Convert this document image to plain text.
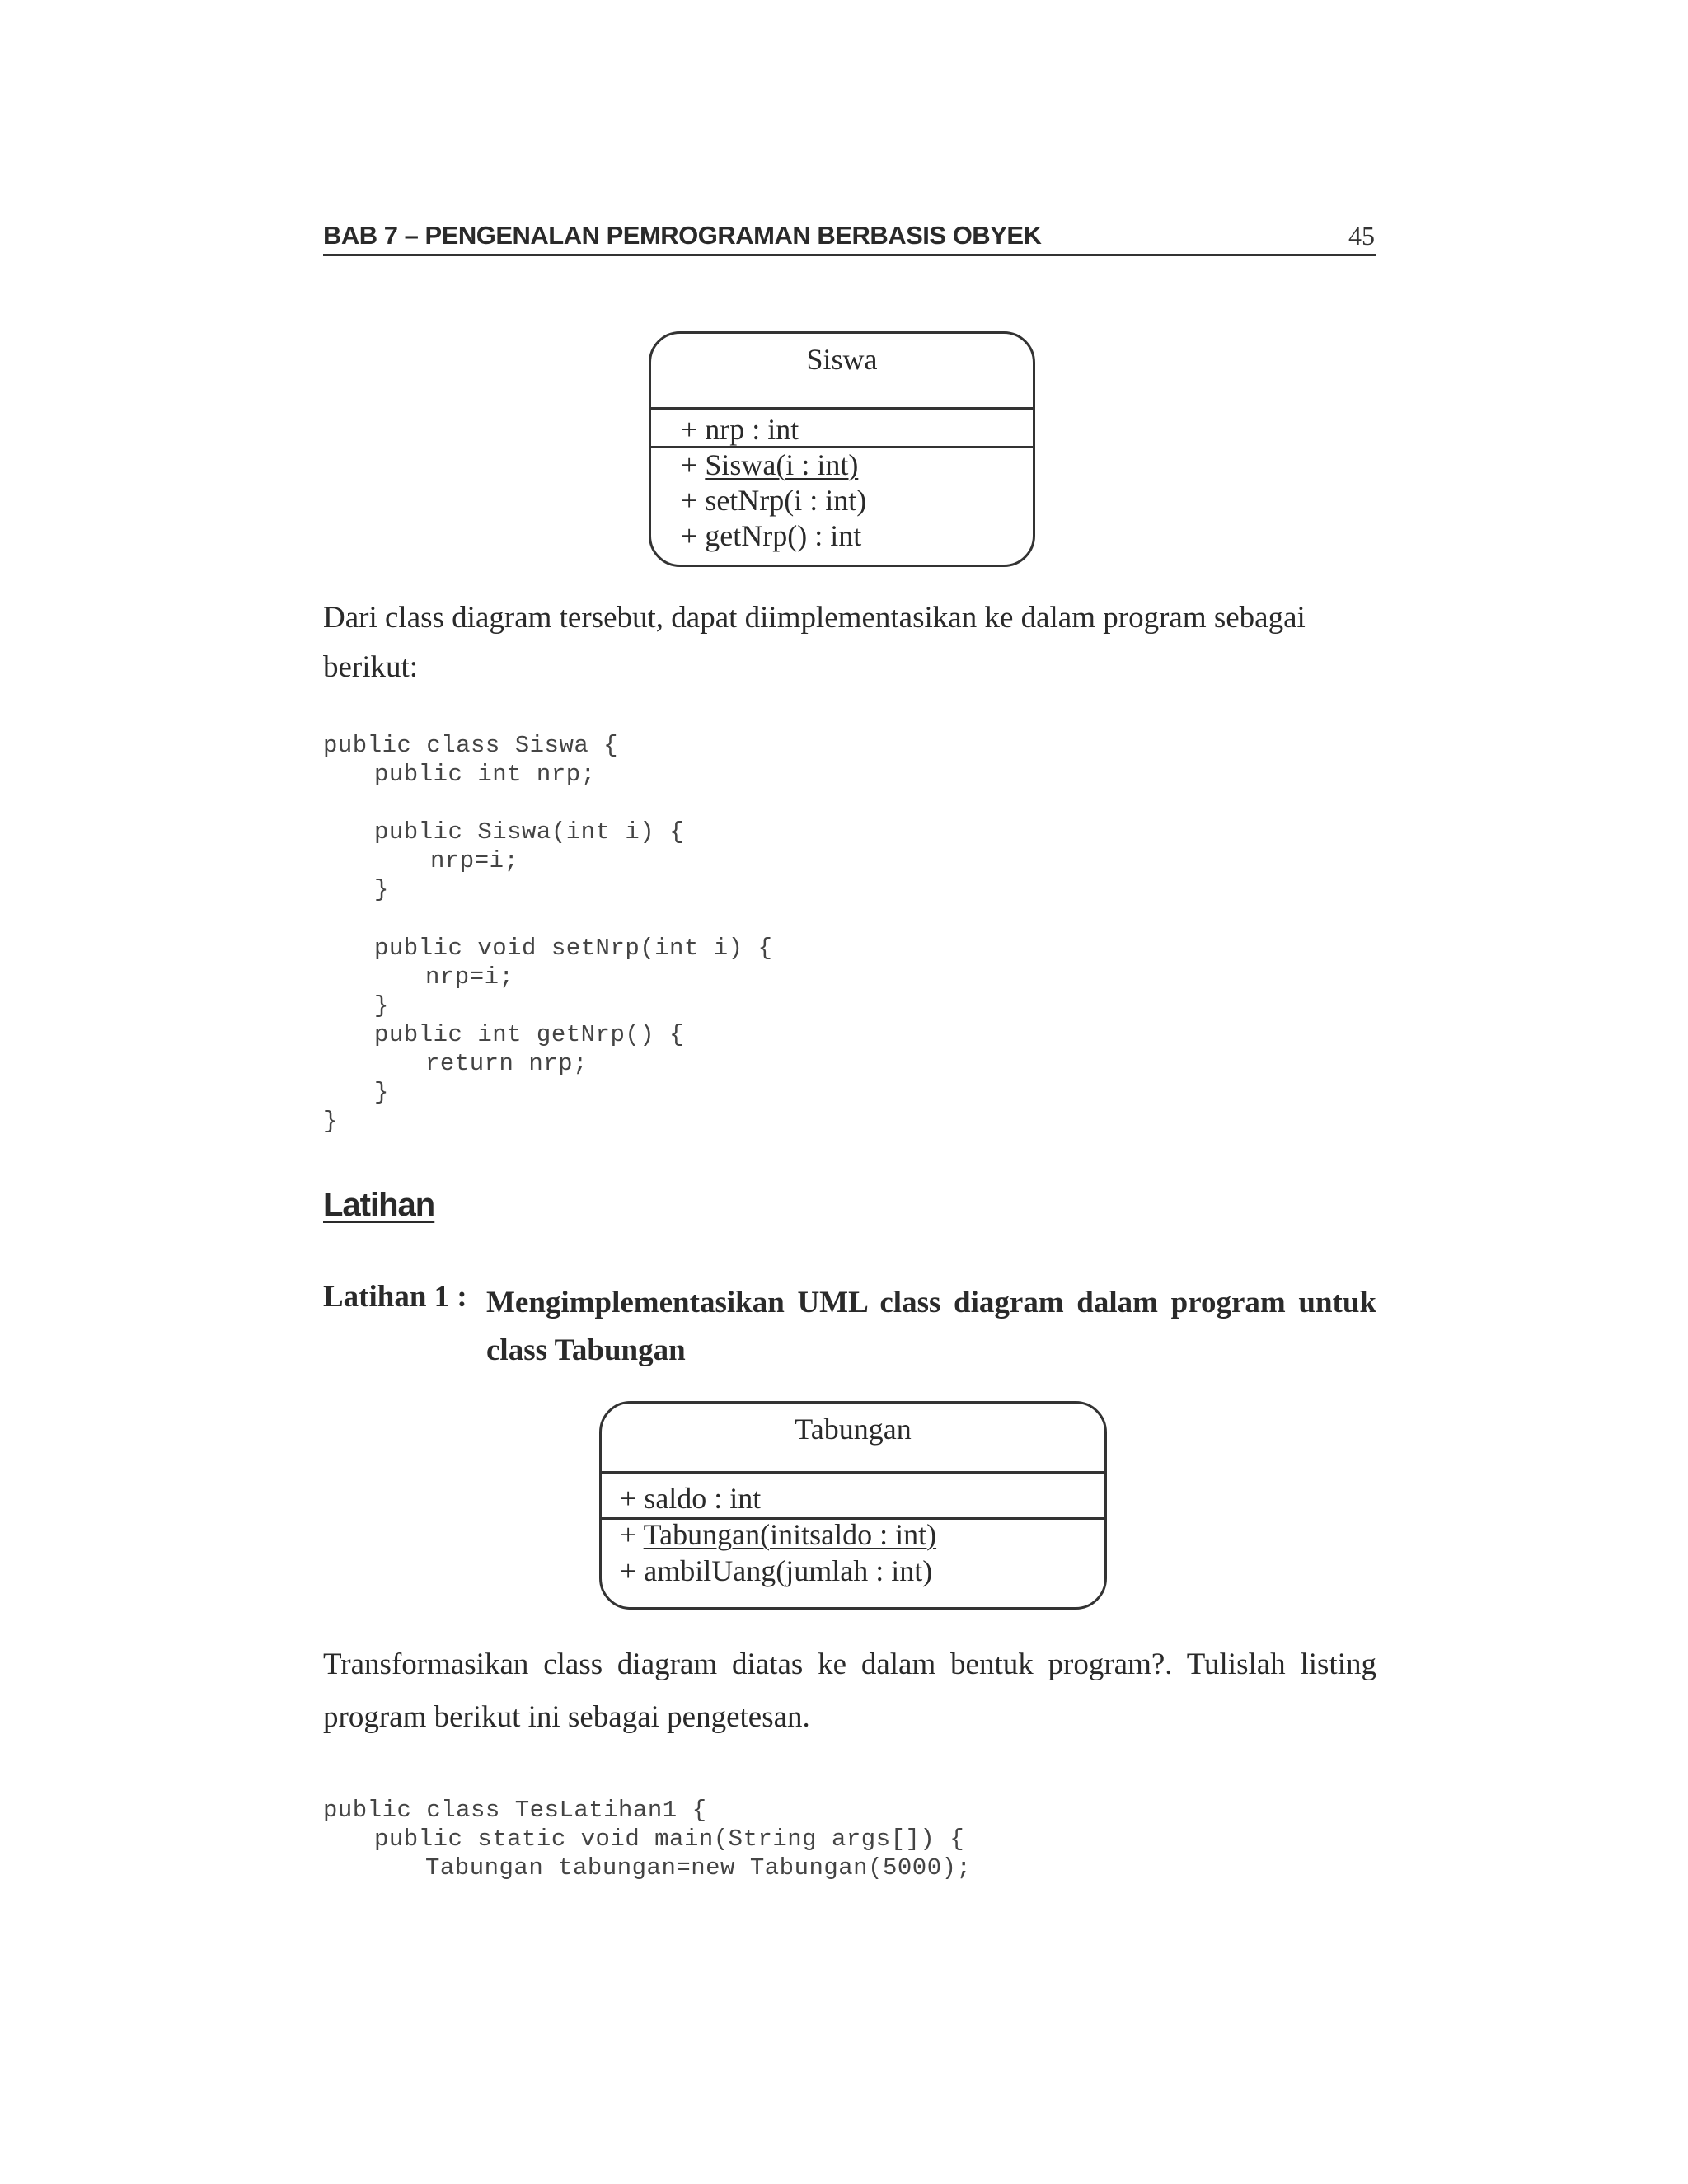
BAB 7 – PENGENALAN PEMROGRAMAN BERBASIS OBYEK	45
Siswa
+ nrp : int
+ Siswa(i : int)
+ setNrp(i : int)
+ getNrp() : int
Dari class diagram tersebut, dapat diimplementasikan ke dalam program sebagai
berikut:
public class Siswa {
public int nrp;
public Siswa(int i) {
nrp=i;
}
public void setNrp(int i) {
nrp=i;
}
public int getNrp() {
return nrp;
}
}
Latihan
Latihan 1 : Mengimplementasikan UML class diagram dalam program untuk
class Tabungan
Tabungan
+ saldo : int
+ Tabungan(initsaldo : int)
+ ambilUang(jumlah : int)
Transformasikan class diagram diatas ke dalam bentuk program?. Tulislah listing
program berikut ini sebagai pengetesan.
public class TesLatihan1 {
public static void main(String args[]) {
Tabungan tabungan=new Tabungan(5000);
